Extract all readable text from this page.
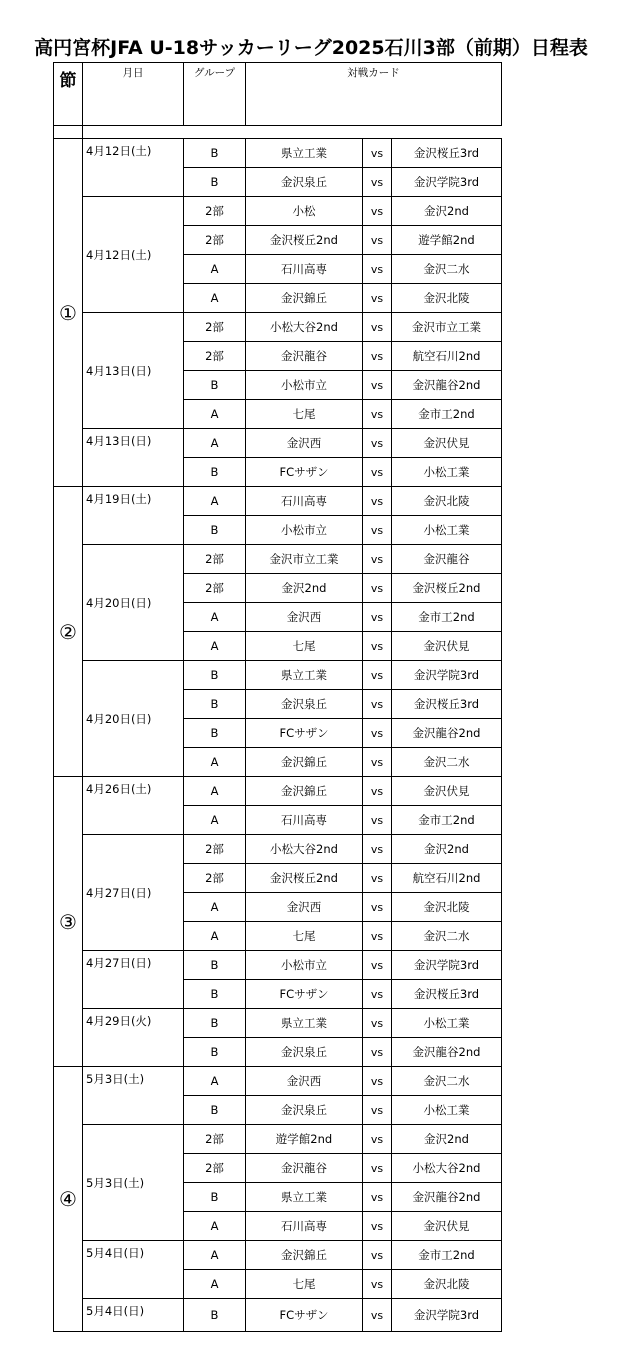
高円宮杯JFA U-18サッカーリーグ2025石川3部（前期）日程表
節	月日	グループ	対戦カード		

①	4月12日(土)	B	県立工業	vs	金沢桜丘3rd
		B	金沢泉丘	vs	金沢学院3rd
	4月12日(土)	2部	小松	vs	金沢2nd
		2部	金沢桜丘2nd	vs	遊学館2nd
		A	石川高専	vs	金沢二水
		A	金沢錦丘	vs	金沢北陵
	4月13日(日)	2部	小松大谷2nd	vs	金沢市立工業
		2部	金沢龍谷	vs	航空石川2nd
		B	小松市立	vs	金沢龍谷2nd
		A	七尾	vs	金市工2nd
	4月13日(日)	A	金沢西	vs	金沢伏見
		B	FCサザン	vs	小松工業
②	4月19日(土)	A	石川高専	vs	金沢北陵
		B	小松市立	vs	小松工業
	4月20日(日)	2部	金沢市立工業	vs	金沢龍谷
		2部	金沢2nd	vs	金沢桜丘2nd
		A	金沢西	vs	金市工2nd
		A	七尾	vs	金沢伏見
	4月20日(日)	B	県立工業	vs	金沢学院3rd
		B	金沢泉丘	vs	金沢桜丘3rd
		B	FCサザン	vs	金沢龍谷2nd
		A	金沢錦丘	vs	金沢二水
③	4月26日(土)	A	金沢錦丘	vs	金沢伏見
		A	石川高専	vs	金市工2nd
	4月27日(日)	2部	小松大谷2nd	vs	金沢2nd
		2部	金沢桜丘2nd	vs	航空石川2nd
		A	金沢西	vs	金沢北陵
		A	七尾	vs	金沢二水
	4月27日(日)	B	小松市立	vs	金沢学院3rd
		B	FCサザン	vs	金沢桜丘3rd
	4月29日(火)	B	県立工業	vs	小松工業
		B	金沢泉丘	vs	金沢龍谷2nd
④	5月3日(土)	A	金沢西	vs	金沢二水
		B	金沢泉丘	vs	小松工業
	5月3日(土)	2部	遊学館2nd	vs	金沢2nd
		2部	金沢龍谷	vs	小松大谷2nd
		B	県立工業	vs	金沢龍谷2nd
		A	石川高専	vs	金沢伏見
	5月4日(日)	A	金沢錦丘	vs	金市工2nd
		A	七尾	vs	金沢北陵
	5月4日(日)	B	FCサザン	vs	金沢学院3rd
